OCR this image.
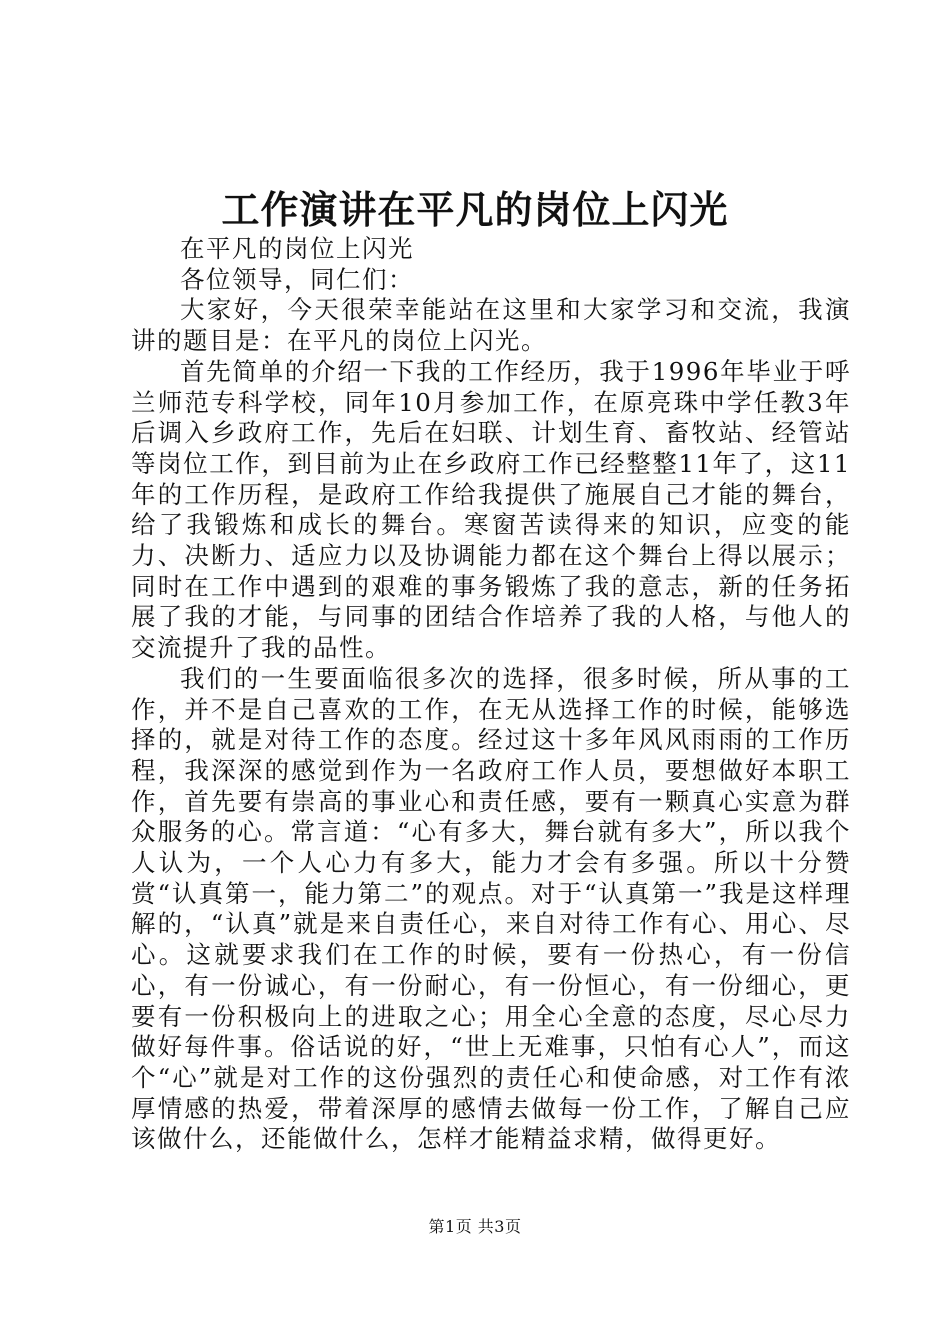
工作演讲在平凡的岗位上闪光

在平凡的岗位上闪光

各位领导，同仁们：

大家好，今天很荣幸能站在这里和大家学习和交流，我演讲的题目是：在平凡的岗位上闪光。

首先简单的介绍一下我的工作经历，我于1996年毕业于呼兰师范专科学校，同年10月参加工作，在原亮珠中学任教3年后调入乡政府工作，先后在妇联、计划生育、畜牧站、经管站等岗位工作，到目前为止在乡政府工作已经整整11年了，这11年的工作历程，是政府工作给我提供了施展自己才能的舞台，给了我锻炼和成长的舞台。寒窗苦读得来的知识，应变的能力、决断力、适应力以及协调能力都在这个舞台上得以展示；同时在工作中遇到的艰难的事务锻炼了我的意志，新的任务拓展了我的才能，与同事的团结合作培养了我的人格，与他人的交流提升了我的品性。

我们的一生要面临很多次的选择，很多时候，所从事的工作，并不是自己喜欢的工作，在无从选择工作的时候，能够选择的，就是对待工作的态度。经过这十多年风风雨雨的工作历程，我深深的感觉到作为一名政府工作人员，要想做好本职工作，首先要有崇高的事业心和责任感，要有一颗真心实意为群众服务的心。常言道：“心有多大，舞台就有多大”，所以我个人认为，一个人心力有多大，能力才会有多强。所以十分赞赏“认真第一，能力第二”的观点。对于“认真第一”我是这样理解的，“认真”就是来自责任心，来自对待工作有心、用心、尽心。这就要求我们在工作的时候，要有一份热心，有一份信心，有一份诚心，有一份耐心，有一份恒心，有一份细心，更要有一份积极向上的进取之心；用全心全意的态度，尽心尽力做好每件事。俗话说的好，“世上无难事，只怕有心人”，而这个“心”就是对工作的这份强烈的责任心和使命感，对工作有浓厚情感的热爱，带着深厚的感情去做每一份工作，了解自己应该做什么，还能做什么，怎样才能精益求精，做得更好。

第1页 共3页
